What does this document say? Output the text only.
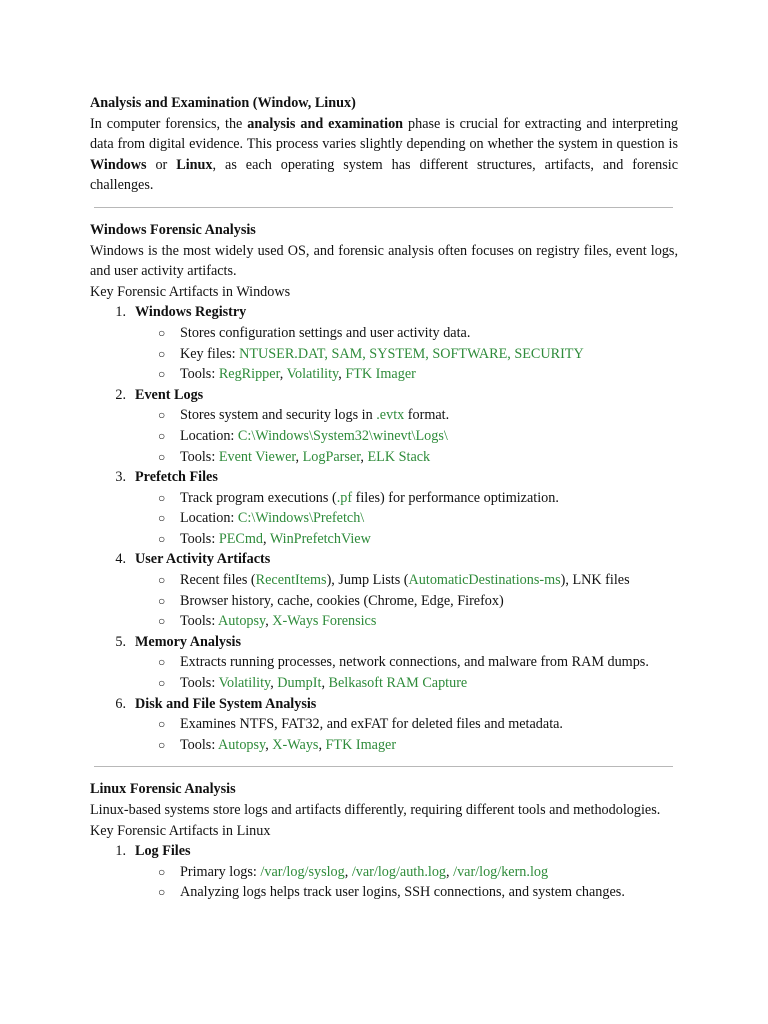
Analysis and Examination (Window, Linux)
In computer forensics, the analysis and examination phase is crucial for extracting and interpreting data from digital evidence. This process varies slightly depending on whether the system in question is Windows or Linux, as each operating system has different structures, artifacts, and forensic challenges.
Windows Forensic Analysis
Windows is the most widely used OS, and forensic analysis often focuses on registry files, event logs, and user activity artifacts.
Key Forensic Artifacts in Windows
1. Windows Registry
○ Stores configuration settings and user activity data.
○ Key files: NTUSER.DAT, SAM, SYSTEM, SOFTWARE, SECURITY
○ Tools: RegRipper, Volatility, FTK Imager
2. Event Logs
○ Stores system and security logs in .evtx format.
○ Location: C:\Windows\System32\winevt\Logs\
○ Tools: Event Viewer, LogParser, ELK Stack
3. Prefetch Files
○ Track program executions (.pf files) for performance optimization.
○ Location: C:\Windows\Prefetch\
○ Tools: PECmd, WinPrefetchView
4. User Activity Artifacts
○ Recent files (RecentItems), Jump Lists (AutomaticDestinations-ms), LNK files
○ Browser history, cache, cookies (Chrome, Edge, Firefox)
○ Tools: Autopsy, X-Ways Forensics
5. Memory Analysis
○ Extracts running processes, network connections, and malware from RAM dumps.
○ Tools: Volatility, DumpIt, Belkasoft RAM Capture
6. Disk and File System Analysis
○ Examines NTFS, FAT32, and exFAT for deleted files and metadata.
○ Tools: Autopsy, X-Ways, FTK Imager
Linux Forensic Analysis
Linux-based systems store logs and artifacts differently, requiring different tools and methodologies.
Key Forensic Artifacts in Linux
1. Log Files
○ Primary logs: /var/log/syslog, /var/log/auth.log, /var/log/kern.log
○ Analyzing logs helps track user logins, SSH connections, and system changes.
